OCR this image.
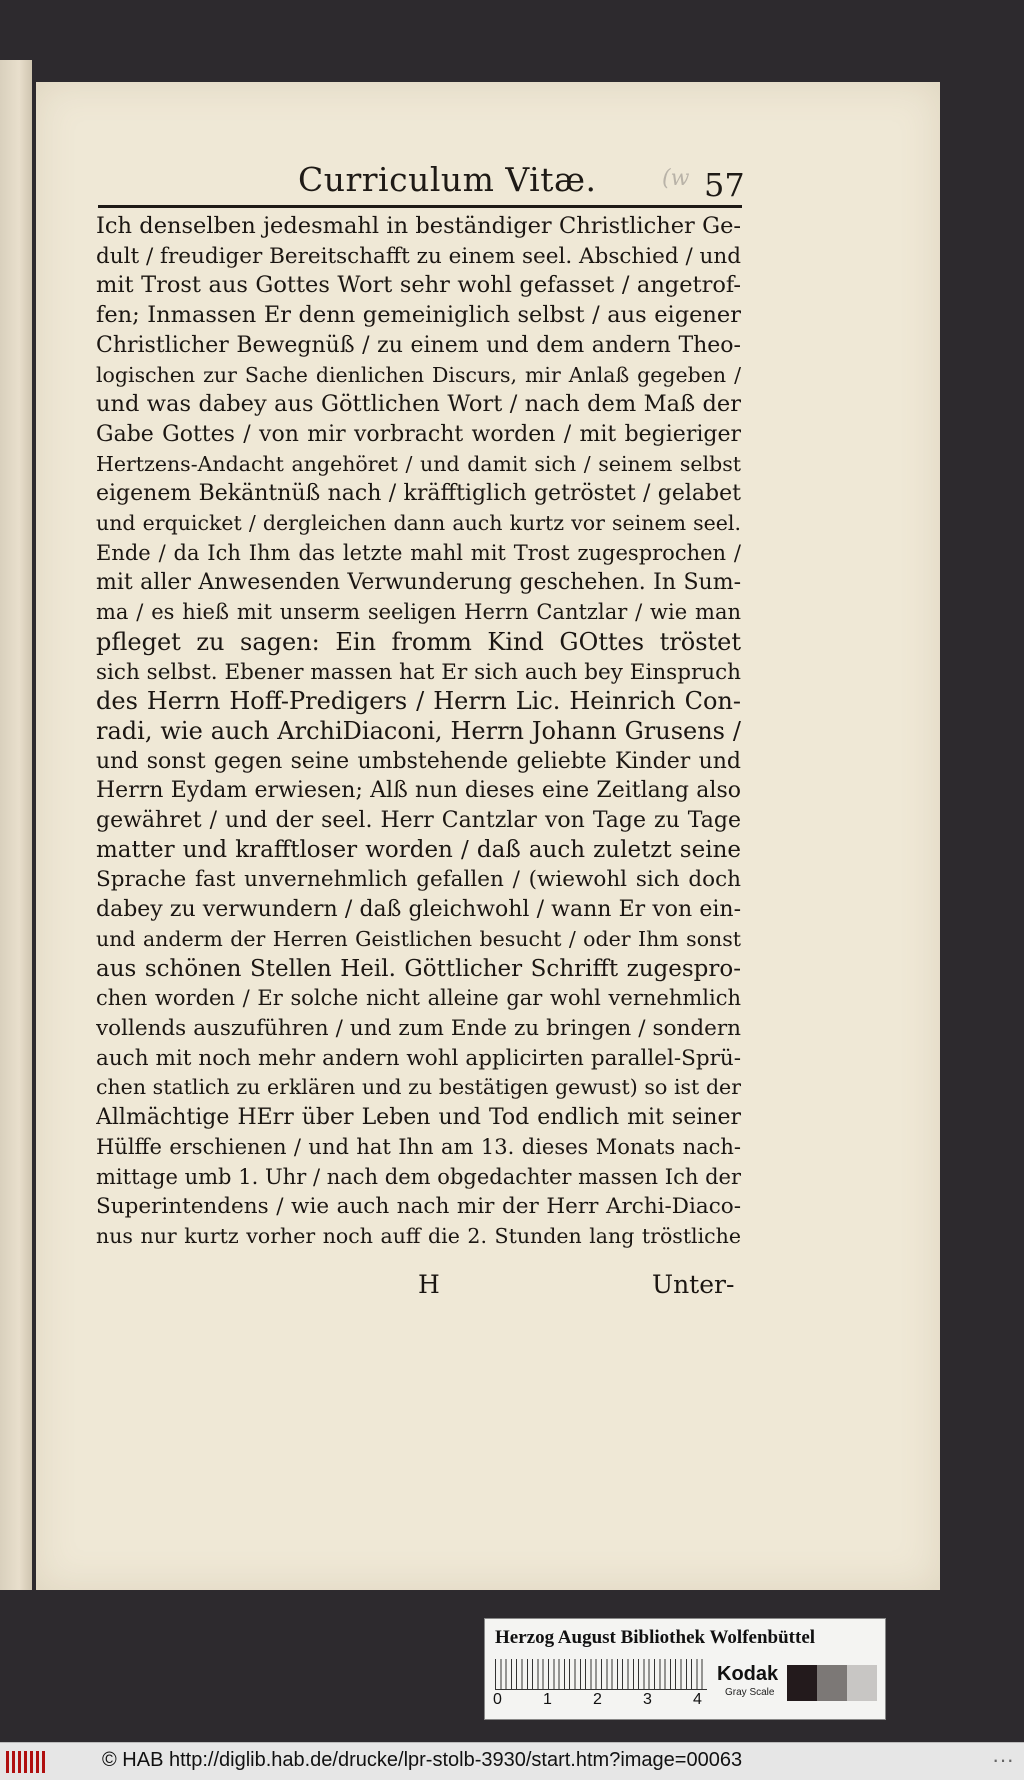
Curriculum Vitæ.	(w 57
Ich denselben jedesmahl in beständiger Christlicher Ge-
dult / freudiger Bereitschafft zu einem seel. Abschied / und
mit Trost aus Gottes Wort sehr wohl gefasset / angetrof-
fen; Inmassen Er denn gemeiniglich selbst / aus eigener
Christlicher Bewegnüß / zu einem und dem andern Theo-
logischen zur Sache dienlichen Discurs, mir Anlaß gegeben /
und was dabey aus Göttlichen Wort / nach dem Maß der
Gabe Gottes / von mir vorbracht worden / mit begieriger
Hertzens-Andacht angehöret / und damit sich / seinem selbst
eigenem Bekäntnüß nach / kräfftiglich getröstet / gelabet
und erquicket / dergleichen dann auch kurtz vor seinem seel.
Ende / da Ich Ihm das letzte mahl mit Trost zugesprochen /
mit aller Anwesenden Verwunderung geschehen. In Sum-
ma / es hieß mit unserm seeligen Herrn Cantzlar / wie man
pfleget zu sagen: Ein fromm Kind GOttes tröstet
sich selbst. Ebener massen hat Er sich auch bey Einspruch
des Herrn Hoff-Predigers / Herrn Lic. Heinrich Con-
radi, wie auch ArchiDiaconi, Herrn Johann Grusens /
und sonst gegen seine umbstehende geliebte Kinder und
Herrn Eydam erwiesen; Alß nun dieses eine Zeitlang also
gewähret / und der seel. Herr Cantzlar von Tage zu Tage
matter und krafftloser worden / daß auch zuletzt seine
Sprache fast unvernehmlich gefallen / (wiewohl sich doch
dabey zu verwundern / daß gleichwohl / wann Er von ein-
und anderm der Herren Geistlichen besucht / oder Ihm sonst
aus schönen Stellen Heil. Göttlicher Schrifft zugespro-
chen worden / Er solche nicht alleine gar wohl vernehmlich
vollends auszuführen / und zum Ende zu bringen / sondern
auch mit noch mehr andern wohl applicirten parallel-Sprü-
chen statlich zu erklären und zu bestätigen gewust) so ist der
Allmächtige HErr über Leben und Tod endlich mit seiner
Hülffe erschienen / und hat Ihn am 13. dieses Monats nach-
mittage umb 1. Uhr / nach dem obgedachter massen Ich der
Superintendens / wie auch nach mir der Herr Archi-Diaco-
nus nur kurtz vorher noch auff die 2. Stunden lang tröstliche
H	Unter-
Herzog August Bibliothek Wolfenbüttel
0	1	2	3	4
Kodak
Gray Scale
© HAB http://diglib.hab.de/drucke/lpr-stolb-3930/start.htm?image=00063	···
